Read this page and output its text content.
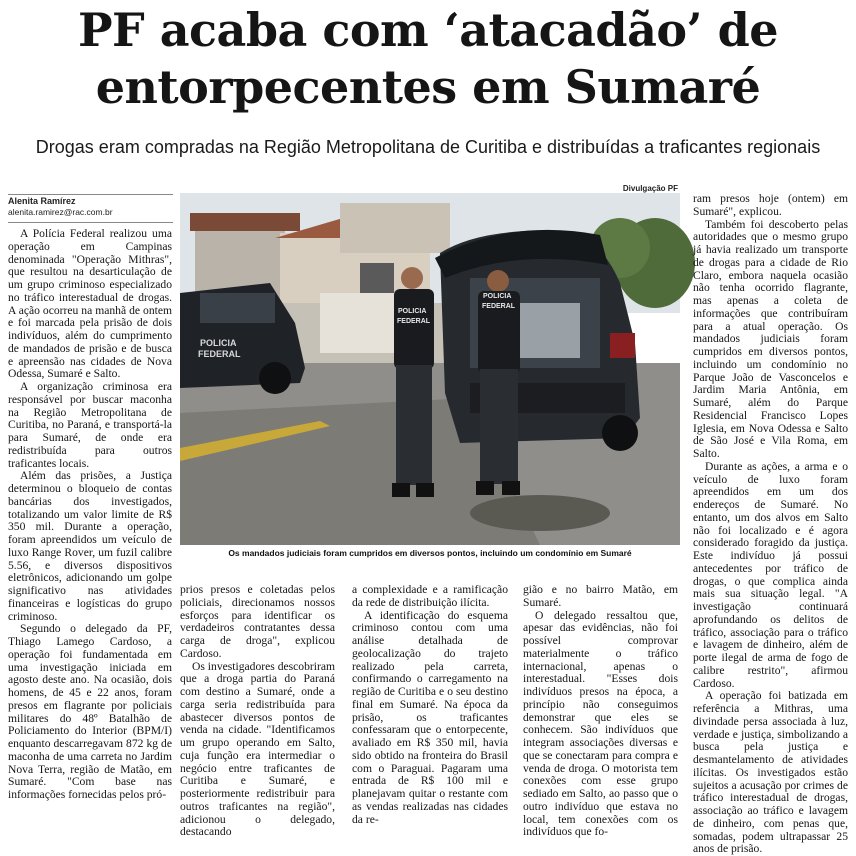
PF acaba com ‘atacadão’ de
entorpecentes em Sumaré

Drogas eram compradas na Região Metropolitana de Curitiba e distribuídas a traficantes regionais

Alenita Ramírez
alenita.ramirez@rac.com.br
Divulgação PF
POLICIA
FEDERAL
POLICIA
FEDERAL
POLICIA
FEDERAL
Os mandados judiciais foram cumpridos em diversos pontos, incluindo um condomínio em Sumaré

A Polícia Federal realizou uma operação em Campinas denominada "Operação Mithras", que resultou na desarticulação de um grupo criminoso especializado no tráfico interestadual de drogas. A ação ocorreu na manhã de ontem e foi marcada pela prisão de dois indivíduos, além do cumprimento de mandados de prisão e de busca e apreensão nas cidades de Nova Odessa, Sumaré e Salto.

A organização criminosa era responsável por buscar maconha na Região Metropolitana de Curitiba, no Paraná, e transportá-la para Sumaré, de onde era redistribuída para outros traficantes locais.

Além das prisões, a Justiça determinou o bloqueio de contas bancárias dos investigados, totalizando um valor limite de R$ 350 mil. Durante a operação, foram apreendidos um veículo de luxo Range Rover, um fuzil calibre 5.56, e diversos dispositivos eletrônicos, adicionando um golpe significativo nas atividades financeiras e logísticas do grupo criminoso.

Segundo o delegado da PF, Thiago Lamego Cardoso, a operação foi fundamentada em uma investigação iniciada em agosto deste ano. Na ocasião, dois homens, de 45 e 22 anos, foram presos em flagrante por policiais militares do 48º Batalhão de Policiamento do Interior (BPM/I) enquanto descarregavam 872 kg de maconha de uma carreta no Jardim Nova Terra, região de Matão, em Sumaré. "Com base nas informações fornecidas pelos pró-

prios presos e coletadas pelos policiais, direcionamos nossos esforços para identificar os verdadeiros contratantes dessa carga de droga", explicou Cardoso.

Os investigadores descobriram que a droga partia do Paraná com destino a Sumaré, onde a carga seria redistribuída para abastecer diversos pontos de venda na cidade. "Identificamos um grupo operando em Salto, cuja função era intermediar o negócio entre traficantes de Curitiba e Sumaré, e posteriormente redistribuir para outros traficantes na região", adicionou o delegado, destacando

a complexidade e a ramificação da rede de distribuição ilícita.

A identificação do esquema criminoso contou com uma análise detalhada de geolocalização do trajeto realizado pela carreta, confirmando o carregamento na região de Curitiba e o seu destino final em Sumaré. Na época da prisão, os traficantes confessaram que o entorpecente, avaliado em R$ 350 mil, havia sido obtido na fronteira do Brasil com o Paraguai. Pagaram uma entrada de R$ 100 mil e planejavam quitar o restante com as vendas realizadas nas cidades da re-

gião e no bairro Matão, em Sumaré.

O delegado ressaltou que, apesar das evidências, não foi possível comprovar materialmente o tráfico internacional, apenas o interestadual. "Esses dois indivíduos presos na época, a princípio não conseguimos demonstrar que eles se conhecem. São indivíduos que integram associações diversas e que se conectaram para compra e venda de droga. O motorista tem conexões com esse grupo sediado em Salto, ao passo que o outro indivíduo que estava no local, tem conexões com os indivíduos que fo-

ram presos hoje (ontem) em Sumaré", explicou.

Também foi descoberto pelas autoridades que o mesmo grupo já havia realizado um transporte de drogas para a cidade de Rio Claro, embora naquela ocasião não tenha ocorrido flagrante, mas apenas a coleta de informações que contribuíram para a atual operação. Os mandados judiciais foram cumpridos em diversos pontos, incluindo um condomínio no Parque João de Vasconcelos e Jardim Maria Antônia, em Sumaré, além do Parque Residencial Francisco Lopes Iglesia, em Nova Odessa e Salto de São José e Vila Roma, em Salto.

Durante as ações, a arma e o veículo de luxo foram apreendidos em um dos endereços de Sumaré. No entanto, um dos alvos em Salto não foi localizado e é agora considerado foragido da justiça. Este indivíduo já possui antecedentes por tráfico de drogas, o que complica ainda mais sua situação legal. "A investigação continuará aprofundando os delitos de tráfico, associação para o tráfico e lavagem de dinheiro, além de porte ilegal de arma de fogo de calibre restrito", afirmou Cardoso.

A operação foi batizada em referência a Mithras, uma divindade persa associada à luz, verdade e justiça, simbolizando a busca pela justiça e desmantelamento de atividades ilícitas. Os investigados estão sujeitos a acusação por crimes de tráfico interestadual de drogas, associação ao tráfico e lavagem de dinheiro, com penas que, somadas, podem ultrapassar 25 anos de prisão.
